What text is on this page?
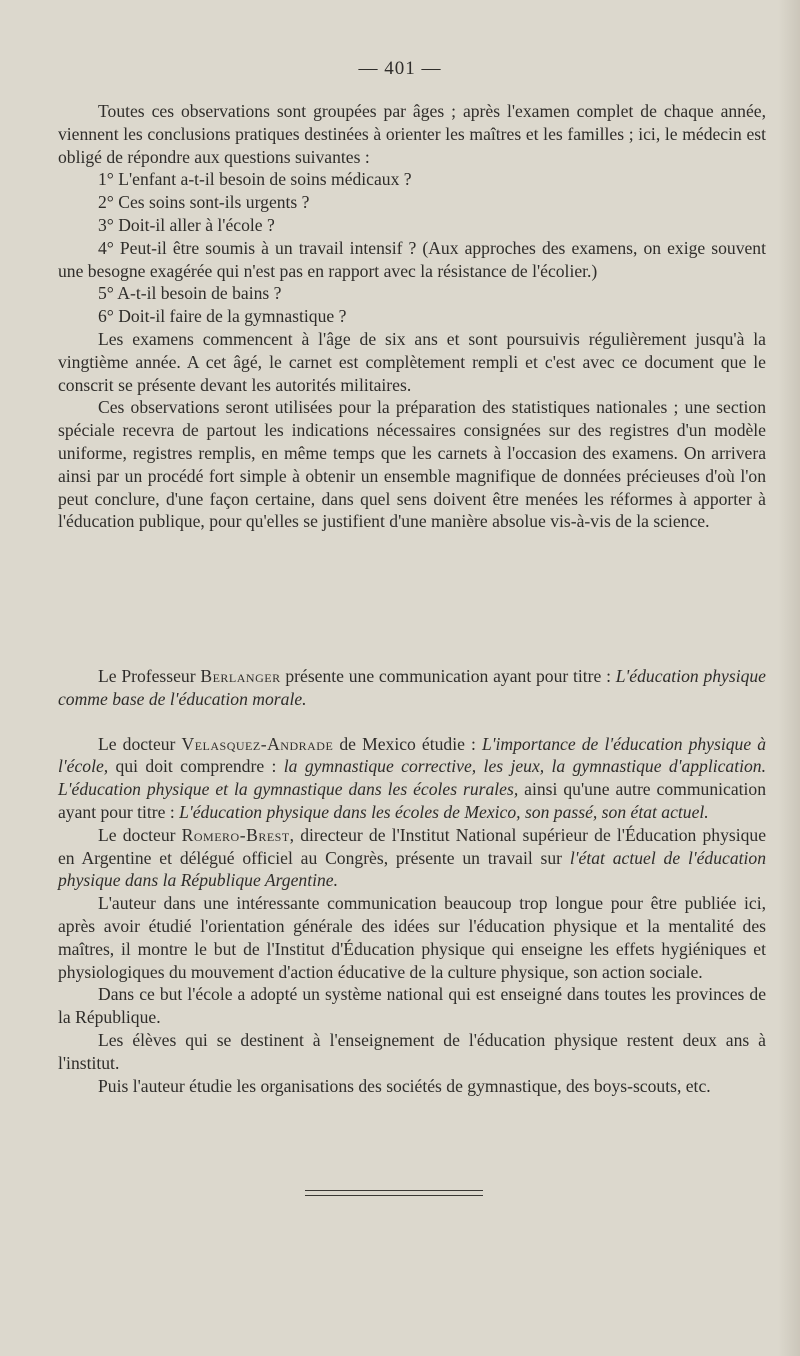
— 401 —

Toutes ces observations sont groupées par âges ; après l'examen complet de chaque année, viennent les conclusions pratiques destinées à orienter les maîtres et les familles ; ici, le médecin est obligé de répondre aux questions suivantes :

1° L'enfant a-t-il besoin de soins médicaux ?

2° Ces soins sont-ils urgents ?

3° Doit-il aller à l'école ?

4° Peut-il être soumis à un travail intensif ? (Aux approches des examens, on exige souvent une besogne exagérée qui n'est pas en rapport avec la résistance de l'écolier.)

5° A-t-il besoin de bains ?

6° Doit-il faire de la gymnastique ?

Les examens commencent à l'âge de six ans et sont poursuivis régulièrement jusqu'à la vingtième année. A cet âgé, le carnet est complètement rempli et c'est avec ce document que le conscrit se présente devant les autorités militaires.

Ces observations seront utilisées pour la préparation des statistiques nationales ; une section spéciale recevra de partout les indications nécessaires consignées sur des registres d'un modèle uniforme, registres remplis, en même temps que les carnets à l'occasion des examens. On arrivera ainsi par un procédé fort simple à obtenir un ensemble magnifique de données précieuses d'où l'on peut conclure, d'une façon certaine, dans quel sens doivent être menées les réformes à apporter à l'éducation publique, pour qu'elles se justifient d'une manière absolue vis-à-vis de la science.

Le Professeur Berlanger présente une communication ayant pour titre : L'éducation physique comme base de l'éducation morale.

Le docteur Velasquez-Andrade de Mexico étudie : L'importance de l'éducation physique à l'école, qui doit comprendre : la gymnastique corrective, les jeux, la gymnastique d'application. L'éducation physique et la gymnastique dans les écoles rurales, ainsi qu'une autre communication ayant pour titre : L'éducation physique dans les écoles de Mexico, son passé, son état actuel.

Le docteur Romero-Brest, directeur de l'Institut National supérieur de l'Éducation physique en Argentine et délégué officiel au Congrès, présente un travail sur l'état actuel de l'éducation physique dans la République Argentine.

L'auteur dans une intéressante communication beaucoup trop longue pour être publiée ici, après avoir étudié l'orientation générale des idées sur l'éducation physique et la mentalité des maîtres, il montre le but de l'Institut d'Éducation physique qui enseigne les effets hygiéniques et physiologiques du mouvement d'action éducative de la culture physique, son action sociale.

Dans ce but l'école a adopté un système national qui est enseigné dans toutes les provinces de la République.

Les élèves qui se destinent à l'enseignement de l'éducation physique restent deux ans à l'institut.

Puis l'auteur étudie les organisations des sociétés de gymnastique, des boys-scouts, etc.
